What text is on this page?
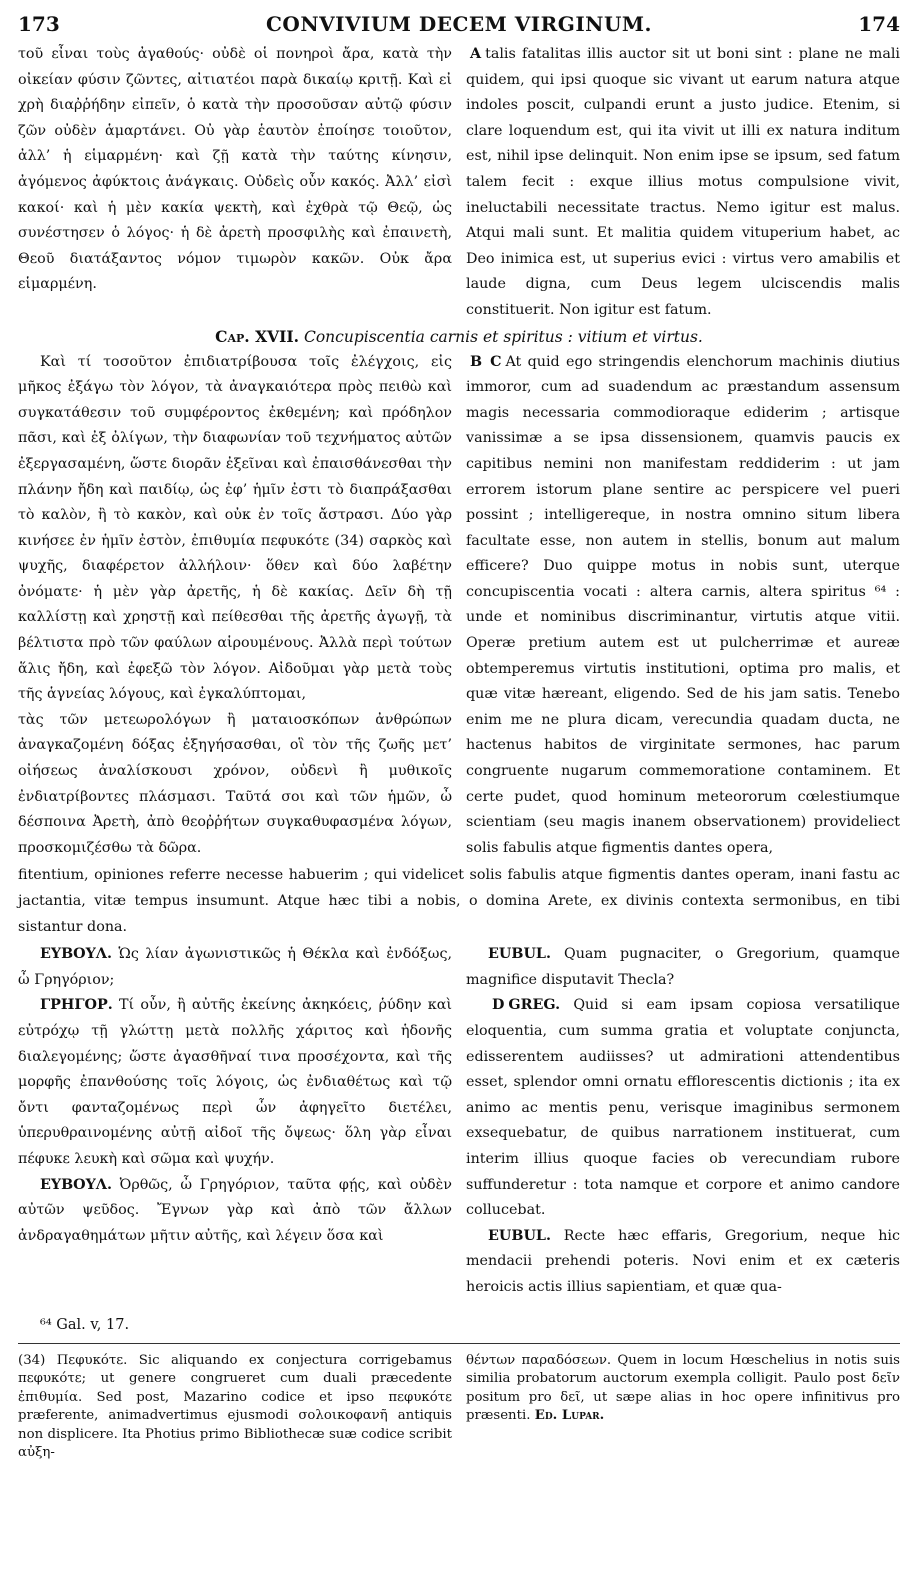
173	CONVIVIUM DECEM VIRGINUM.	174

τοῦ εἶναι τοὺς ἀγαθούς· οὐδὲ οἱ πονηροὶ ἄρα, κατὰ τὴν οἰκείαν φύσιν ζῶντες, αἰτιατέοι παρὰ δικαίῳ κριτῇ. Καὶ εἰ χρὴ διαῤῥήδην εἰπεῖν, ὁ κατὰ τὴν προσοῦσαν αὐτῷ φύσιν ζῶν οὐδὲν ἁμαρτάνει. Οὐ γὰρ ἑαυτὸν ἐποίησε τοιοῦτον, ἀλλ’ ἡ εἱμαρμένη· καὶ ζῇ κατὰ τὴν ταύτης κίνησιν, ἀγόμενος ἀφύκτοις ἀνάγκαις. Οὐδεὶς οὖν κακός. Ἀλλ’ εἰσὶ κακοί· καὶ ἡ μὲν κακία ψεκτὴ, καὶ ἐχθρὰ τῷ Θεῷ, ὡς συνέστησεν ὁ λόγος· ἡ δὲ ἀρετὴ προσφιλὴς καὶ ἐπαινετὴ, Θεοῦ διατάξαντος νόμον τιμωρὸν κακῶν. Οὐκ ἄρα εἱμαρμένη.

A talis fatalitas illis auctor sit ut boni sint : plane ne mali quidem, qui ipsi quoque sic vivant ut earum natura atque indoles poscit, culpandi erunt a justo judice. Etenim, si clare loquendum est, qui ita vivit ut illi ex natura inditum est, nihil ipse delinquit. Non enim ipse se ipsum, sed fatum talem fecit : exque illius motus compulsione vivit, ineluctabili necessitate tractus. Nemo igitur est malus. Atqui mali sunt. Et malitia quidem vituperium habet, ac Deo inimica est, ut superius evici : virtus vero amabilis et laude digna, cum Deus legem ulciscendis malis constituerit. Non igitur est fatum.

Cap. XVII. Concupiscentia carnis et spiritus : vitium et virtus.

Καὶ τί τοσοῦτον ἐπιδιατρίβουσα τοῖς ἐλέγχοις, εἰς μῆκος ἐξάγω τὸν λόγον, τὰ ἀναγκαιότερα πρὸς πειθὼ καὶ συγκατάθεσιν τοῦ συμφέροντος ἐκθεμένη; καὶ πρόδηλον πᾶσι, καὶ ἐξ ὀλίγων, τὴν διαφωνίαν τοῦ τεχνήματος αὐτῶν ἐξεργασαμένη, ὥστε διορᾶν ἐξεῖναι καὶ ἐπαισθάνεσθαι τὴν πλάνην ἤδη καὶ παιδίῳ, ὡς ἐφ’ ἡμῖν ἐστι τὸ διαπράξασθαι τὸ καλὸν, ἢ τὸ κακὸν, καὶ οὐκ ἐν τοῖς ἄστρασι. Δύο γὰρ κινήσεε ἐν ἡμῖν ἐστὸν, ἐπιθυμία πεφυκότε (34) σαρκὸς καὶ ψυχῆς, διαφέρετον ἀλλήλοιν· ὅθεν καὶ δύο λαβέτην ὀνόματε· ἡ μὲν γὰρ ἀρετῆς, ἡ δὲ κακίας. Δεῖν δὴ τῇ καλλίστῃ καὶ χρηστῇ καὶ πείθεσθαι τῆς ἀρετῆς ἀγωγῇ, τὰ βέλτιστα πρὸ τῶν φαύλων αἱρουμένους. Ἀλλὰ περὶ τούτων ἅλις ἤδη, καὶ ἐφεξῶ τὸν λόγον. Αἰδοῦμαι γὰρ μετὰ τοὺς τῆς ἁγνείας λόγους, καὶ ἐγκαλύπτομαι,

τὰς τῶν μετεωρολόγων ἢ ματαιοσκόπων ἀνθρώπων ἀναγκαζομένη δόξας ἐξηγήσασθαι, οἳ τὸν τῆς ζωῆς μετ’ οἰήσεως ἀναλίσκουσι χρόνον, οὐδενὶ ἢ μυθικοῖς ἐνδιατρίβοντες πλάσμασι. Ταῦτά σοι καὶ τῶν ἡμῶν, ὦ δέσποινα Ἀρετὴ, ἀπὸ θεοῤῥήτων συγκαθυφασμένα λόγων, προσκομιζέσθω τὰ δῶρα.

B C At quid ego stringendis elenchorum machinis diutius immoror, cum ad suadendum ac præstandum assensum magis necessaria commodioraque ediderim ; artisque vanissimæ a se ipsa dissensionem, quamvis paucis ex capitibus nemini non manifestam reddiderim : ut jam errorem istorum plane sentire ac perspicere vel pueri possint ; intelligereque, in nostra omnino situm libera facultate esse, non autem in stellis, bonum aut malum efficere? Duo quippe motus in nobis sunt, uterque concupiscentia vocati : altera carnis, altera spiritus ⁶⁴ : unde et nominibus discriminantur, virtutis atque vitii. Operæ pretium autem est ut pulcherrimæ et aureæ obtemperemus virtutis institutioni, optima pro malis, et quæ vitæ hæreant, eligendo. Sed de his jam satis. Tenebo enim me ne plura dicam, verecundia quadam ducta, ne hactenus habitos de virginitate sermones, hac parum congruente nugarum commemoratione contaminem. Et certe pudet, quod hominum meteororum cœlestiumque scientiam (seu magis inanem observationem) provideliect solis fabulis atque figmentis dantes opera,

fitentium, opiniones referre necesse habuerim ; qui videlicet solis fabulis atque figmentis dantes operam, inani fastu ac jactantia, vitæ tempus insumunt. Atque hæc tibi a nobis, o domina Arete, ex divinis contexta sermonibus, en tibi sistantur dona.

ΕΥΒΟΥΛ. Ὡς λίαν ἀγωνιστικῶς ἡ Θέκλα καὶ ἐνδόξως, ὦ Γρηγόριον;

ΓΡΗΓΟΡ. Τί οὖν, ἢ αὐτῆς ἐκείνης ἀκηκόεις, ῥύδην καὶ εὐτρόχῳ τῇ γλώττῃ μετὰ πολλῆς χάριτος καὶ ἡδονῆς διαλεγομένης; ὥστε ἀγασθῆναί τινα προσέχοντα, καὶ τῆς μορφῆς ἐπανθούσης τοῖς λόγοις, ὡς ἐνδιαθέτως καὶ τῷ ὄντι φανταζομένως περὶ ὧν ἀφηγεῖτο διετέλει, ὑπερυθραινομένης αὐτῇ αἰδοῖ τῆς ὄψεως· ὅλη γὰρ εἶναι πέφυκε λευκὴ καὶ σῶμα καὶ ψυχήν.

ΕΥΒΟΥΛ. Ὀρθῶς, ὦ Γρηγόριον, ταῦτα φῄς, καὶ οὐδὲν αὐτῶν ψεῦδος. Ἔγνων γὰρ καὶ ἀπὸ τῶν ἄλλων ἀνδραγαθημάτων μῆτιν αὐτῆς, καὶ λέγειν ὅσα καὶ

EUBUL. Quam pugnaciter, o Gregorium, quamque magnifice disputavit Thecla?

D GREG. Quid si eam ipsam copiosa versatilique eloquentia, cum summa gratia et voluptate conjuncta, edisserentem audiisses? ut admirationi attendentibus esset, splendor omni ornatu efflorescentis dictionis ; ita ex animo ac mentis penu, verisque imaginibus sermonem exsequebatur, de quibus narrationem instituerat, cum interim illius quoque facies ob verecundiam rubore suffunderetur : tota namque et corpore et animo candore collucebat.

EUBUL. Recte hæc effaris, Gregorium, neque hic mendacii prehendi poteris. Novi enim et ex cæteris heroicis actis illius sapientiam, et quæ qua-

⁶⁴ Gal. v, 17.
(34) Πεφυκότε. Sic aliquando ex conjectura corrigebamus πεφυκότε; ut genere congrueret cum duali præcedente ἐπιθυμία. Sed post, Mazarino codice et ipso πεφυκότε præferente, animadvertimus ejusmodi σολοικοφανῆ antiquis non displicere. Ita Photius primo Bibliothecæ suæ codice scribit αὐξη-
θέντων παραδόσεων. Quem in locum Hœschelius in notis suis similia probatorum auctorum exempla colligit. Paulo post δεῖν positum pro δεῖ, ut sæpe alias in hoc opere infinitivus pro præsenti. Ed. Lupar.
